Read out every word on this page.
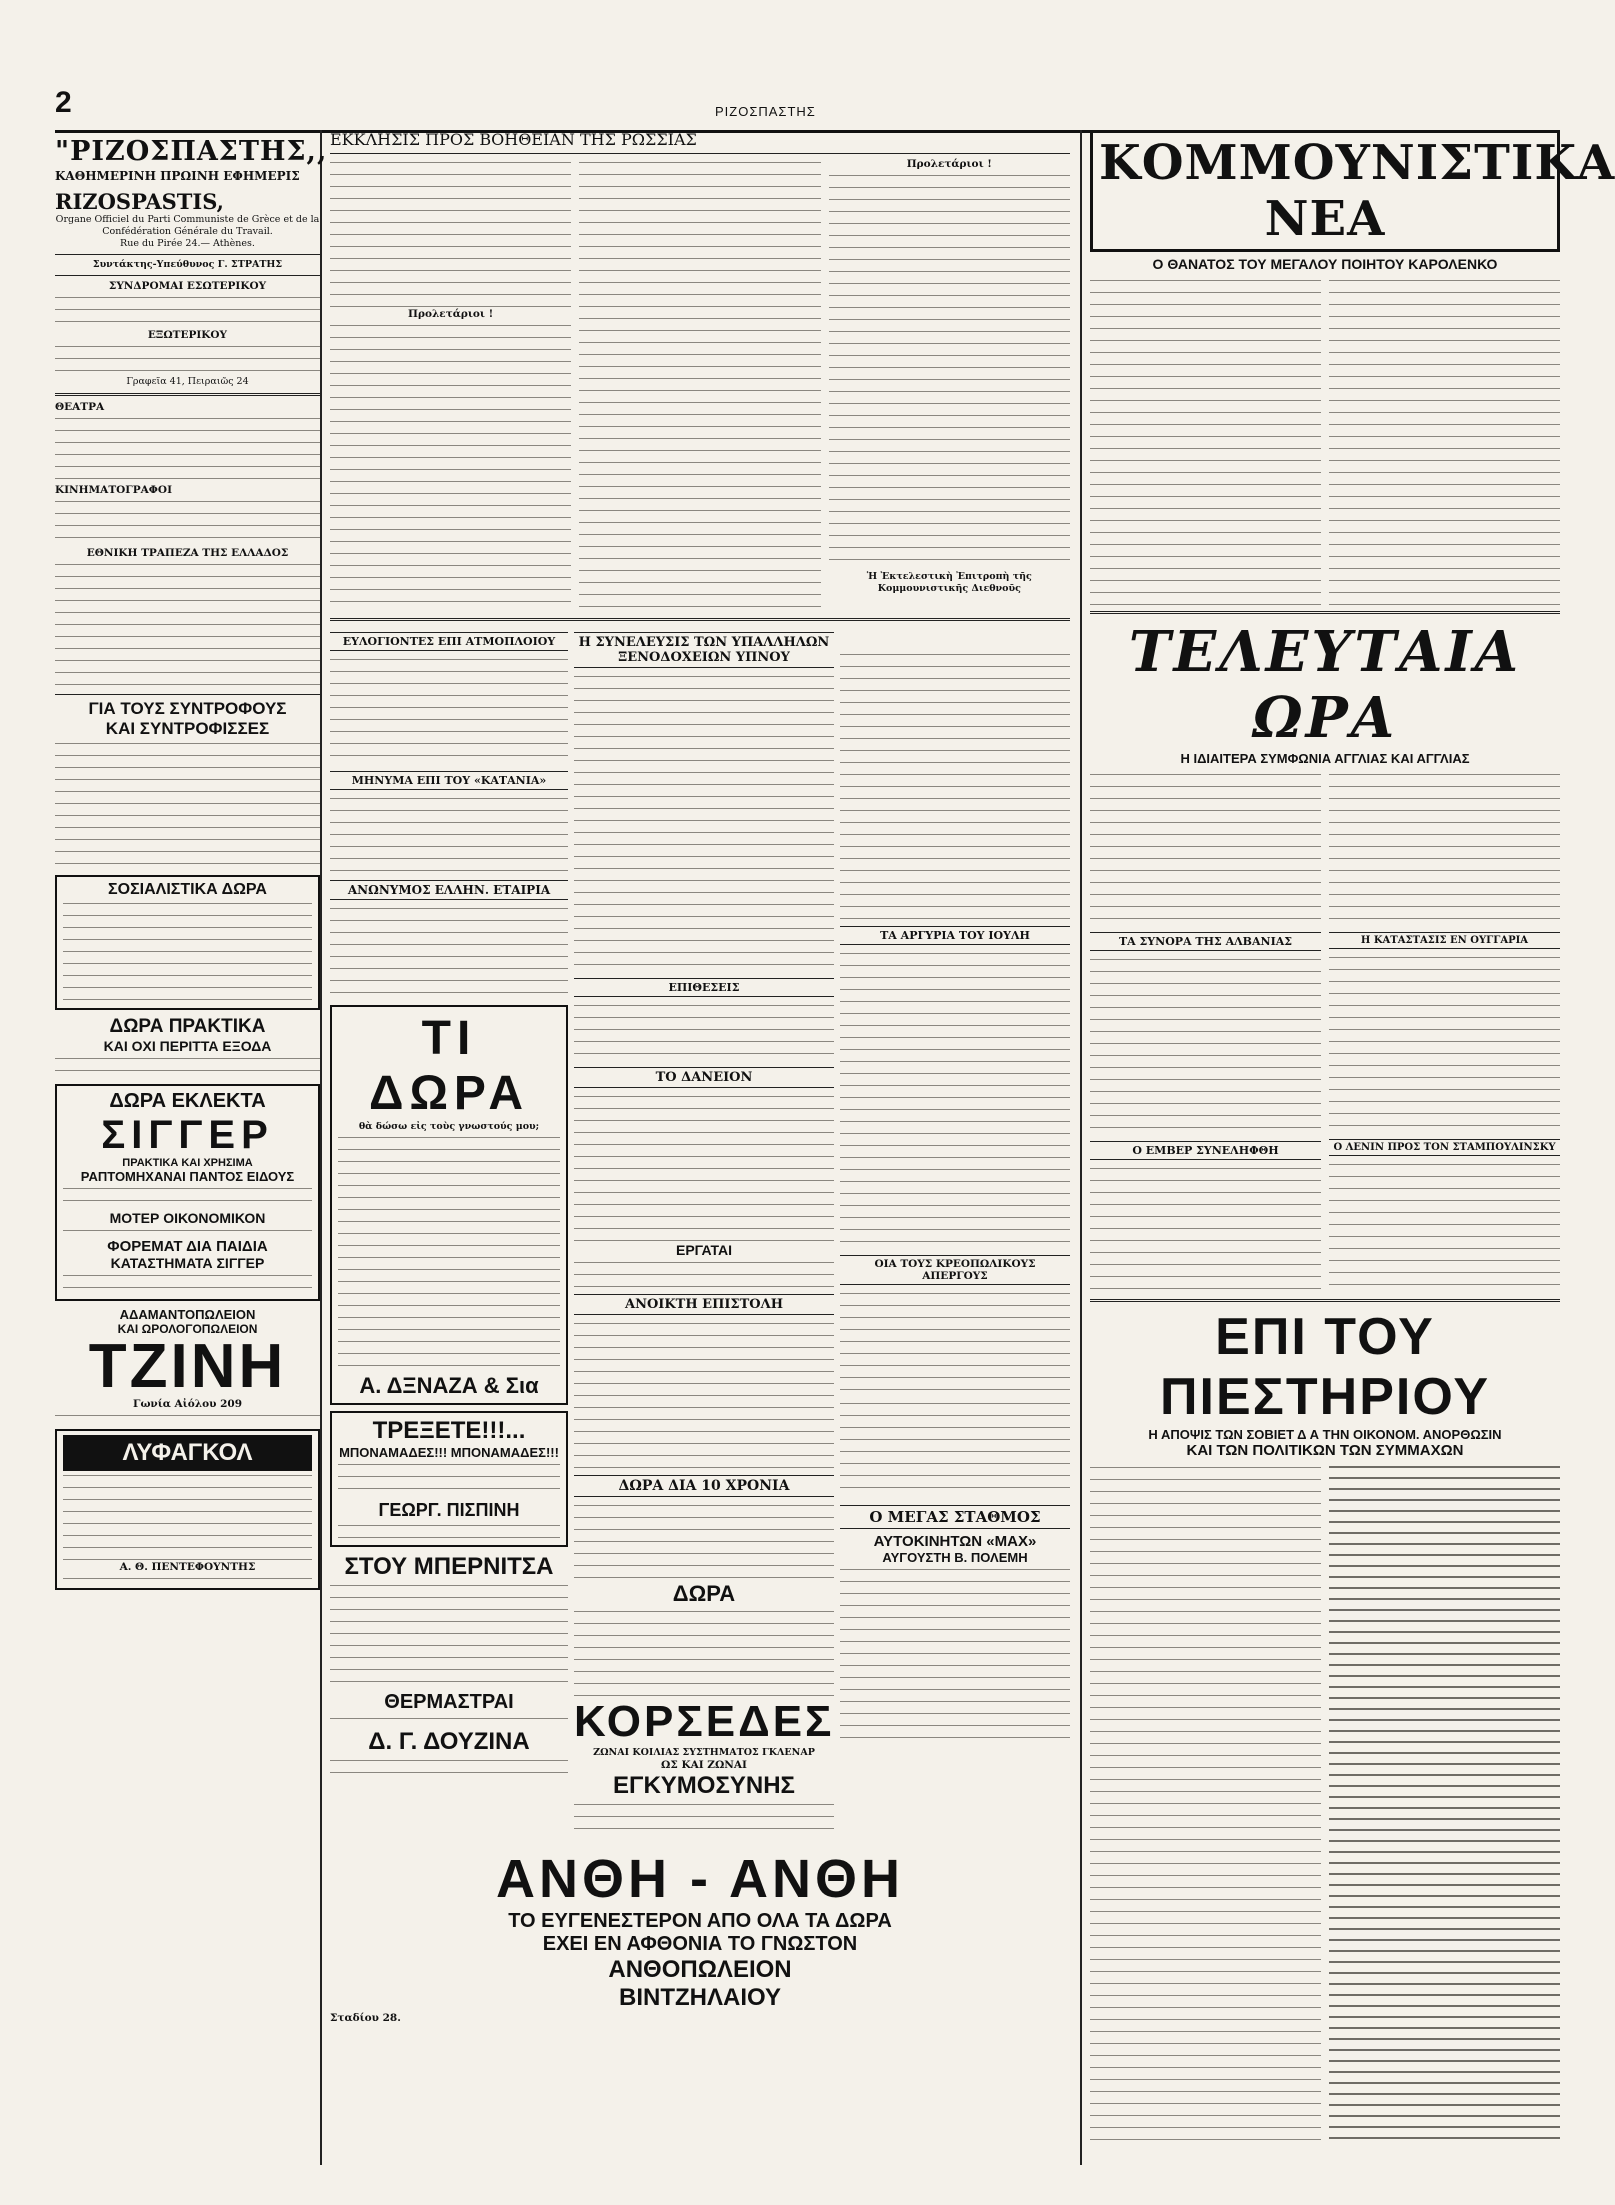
2	ΡΙΖΟΣΠΑΣΤΗΣ
"ΡΙΖΟΣΠΑΣΤΗΣ,,
ΚΑΘΗΜΕΡΙΝΗ ΠΡΩΙΝΗ ΕΦΗΜΕΡΙΣ
RIZOSPASTIS,
Organe Officiel du Parti Communiste de Grèce et de la Confédération Générale du Travail.
Rue du Pirée 24.— Athènes.
Συντάκτης-Υπεύθυνος Γ. ΣΤΡΑΤΗΣ
ΣΥΝΔΡΟΜΑΙ ΕΣΩΤΕΡΙΚΟΥ
ΕΞΩΤΕΡΙΚΟΥ
Γραφεῖα 41, Πειραιῶς 24
ΘΕΑΤΡΑ
ΚΙΝΗΜΑΤΟΓΡΑΦΟΙ
ΕΘΝΙΚΗ ΤΡΑΠΕΖΑ ΤΗΣ ΕΛΛΑΔΟΣ
ΓΙΑ ΤΟΥΣ ΣΥΝΤΡΟΦΟΥΣ
ΚΑΙ ΣΥΝΤΡΟΦΙΣΣΕΣ
ΣΟΣΙΑΛΙΣΤΙΚΑ ΔΩΡΑ
ΔΩΡΑ ΠΡΑΚΤΙΚΑ
ΚΑΙ ΟΧΙ ΠΕΡΙΤΤΑ ΕΞΟΔΑ
ΔΩΡΑ ΕΚΛΕΚΤΑ
ΣΙΓΓΕΡ
ΠΡΑΚΤΙΚΑ ΚΑΙ ΧΡΗΣΙΜΑ
ΡΑΠΤΟΜΗΧΑΝΑΙ ΠΑΝΤΟΣ ΕΙΔΟΥΣ
ΜΟΤΕΡ ΟΙΚΟΝΟΜΙΚΟΝ
ΦΟΡΕΜΑΤ ΔΙΑ ΠΑΙΔΙΑ
ΚΑΤΑΣΤΗΜΑΤΑ ΣΙΓΓΕΡ
ΑΔΑΜΑΝΤΟΠΩΛΕΙΟΝ
ΚΑΙ ΩΡΟΛΟΓΟΠΩΛΕΙΟΝ
ΤΖΙΝΗ
Γωνία Αἰόλου 209
ΛΥΦΑΓΚΟΛ
Α. Θ. ΠΕΝΤΕΦΟΥΝΤΗΣ
ΕΚΚΛΗΣΙΣ ΠΡΟΣ ΒΟΗΘΕΙΑΝ ΤΗΣ ΡΩΣΣΙΑΣ
Προλετάριοι !
Προλετάριοι !
Ἡ Ἐκτελεστικὴ Ἐπιτροπὴ τῆς Κομμουνιστικῆς Διεθνοῦς
ΕΥΛΟΓΙΟΝΤΕΣ ΕΠΙ ΑΤΜΟΠΛΟΙΟΥ
ΜΗΝΥΜΑ ΕΠΙ ΤΟΥ «ΚΑΤΑΝΙΑ»
ΑΝΩΝΥΜΟΣ ΕΛΛΗΝ. ΕΤΑΙΡΙΑ
ΤΙ ΔΩΡΑ
θὰ δώσω εἰς τοὺς γνωστούς μου;
Α. ΔΞΝΑΖΑ & Σια
ΤΡΕΞΕΤΕ!!!...
ΜΠΟΝΑΜΑΔΕΣ!!! ΜΠΟΝΑΜΑΔΕΣ!!!
ΓΕΩΡΓ. ΠΙΣΠΙΝΗ
ΣΤΟΥ ΜΠΕΡΝΙΤΣΑ
ΘΕΡΜΑΣΤΡΑΙ
Δ. Γ. ΔΟΥΖΙΝΑ
Η ΣΥΝΕΛΕΥΣΙΣ ΤΩΝ ΥΠΑΛΛΗΛΩΝ ΞΕΝΟΔΟΧΕΙΩΝ ΥΠΝΟΥ
ΕΠΙΘΕΣΕΙΣ
ΤΟ ΔΑΝΕΙΟΝ
ΕΡΓΑΤΑΙ
ΑΝΟΙΚΤΗ ΕΠΙΣΤΟΛΗ
ΔΩΡΑ ΔΙΑ 10 ΧΡΟΝΙΑ
ΔΩΡΑ
ΚΟΡΣΕΔΕΣ
ΖΩΝΑΙ ΚΟΙΛΙΑΣ ΣΥΣΤΗΜΑΤΟΣ ΓΚΛΕΝΑΡ
ΩΣ ΚΑΙ ΖΩΝΑΙ
ΕΓΚΥΜΟΣΥΝΗΣ
ΤΑ ΑΡΓΥΡΙΑ ΤΟΥ ΙΟΥΛΗ
ΟΙΑ ΤΟΥΣ ΚΡΕΟΠΩΛΙΚΟΥΣ ΑΠΕΡΓΟΥΣ
Ο ΜΕΓΑΣ ΣΤΑΘΜΟΣ
ΑΥΤΟΚΙΝΗΤΩΝ «ΜΑΧ»
ΑΥΓΟΥΣΤΗ Β. ΠΟΛΕΜΗ
ΑΝΘΗ - ΑΝΘΗ
ΤΟ ΕΥΓΕΝΕΣΤΕΡΟΝ ΑΠΟ ΟΛΑ ΤΑ ΔΩΡΑ
ΕΧΕΙ ΕΝ ΑΦΘΟΝΙΑ ΤΟ ΓΝΩΣΤΟΝ
ΑΝΘΟΠΩΛΕΙΟΝ
ΒΙΝΤΖΗΛΑΙΟΥ
Σταδίου 28.
ΚΟΜΜΟΥΝΙΣΤΙΚΑ ΝΕΑ
Ο ΘΑΝΑΤΟΣ ΤΟΥ ΜΕΓΑΛΟΥ ΠΟΙΗΤΟΥ ΚΑΡΟΛΕΝΚΟ
ΤΕΛΕΥΤΑΙΑ ΩΡΑ
Η ΙΔΙΑΙΤΕΡΑ ΣΥΜΦΩΝΙΑ ΑΓΓΛΙΑΣ ΚΑΙ ΑΓΓΛΙΑΣ
ΤΑ ΣΥΝΟΡΑ ΤΗΣ ΑΛΒΑΝΙΑΣ
Ο ΕΜΒΕΡ ΣΥΝΕΛΗΦΘΗ
Η ΚΑΤΑΣΤΑΣΙΣ ΕΝ ΟΥΓΓΑΡΙΑ
Ο ΛΕΝΙΝ ΠΡΟΣ ΤΟΝ ΣΤΑΜΠΟΥΛΙΝΣΚΥ
ΕΠΙ ΤΟΥ ΠΙΕΣΤΗΡΙΟΥ
Η ΑΠΟΨΙΣ ΤΩΝ ΣΟΒΙΕΤ Δ Α ΤΗΝ ΟΙΚΟΝΟΜ. ΑΝΟΡΘΩΣΙΝ
ΚΑΙ ΤΩΝ ΠΟΛΙΤΙΚΩΝ ΤΩΝ ΣΥΜΜΑΧΩΝ
